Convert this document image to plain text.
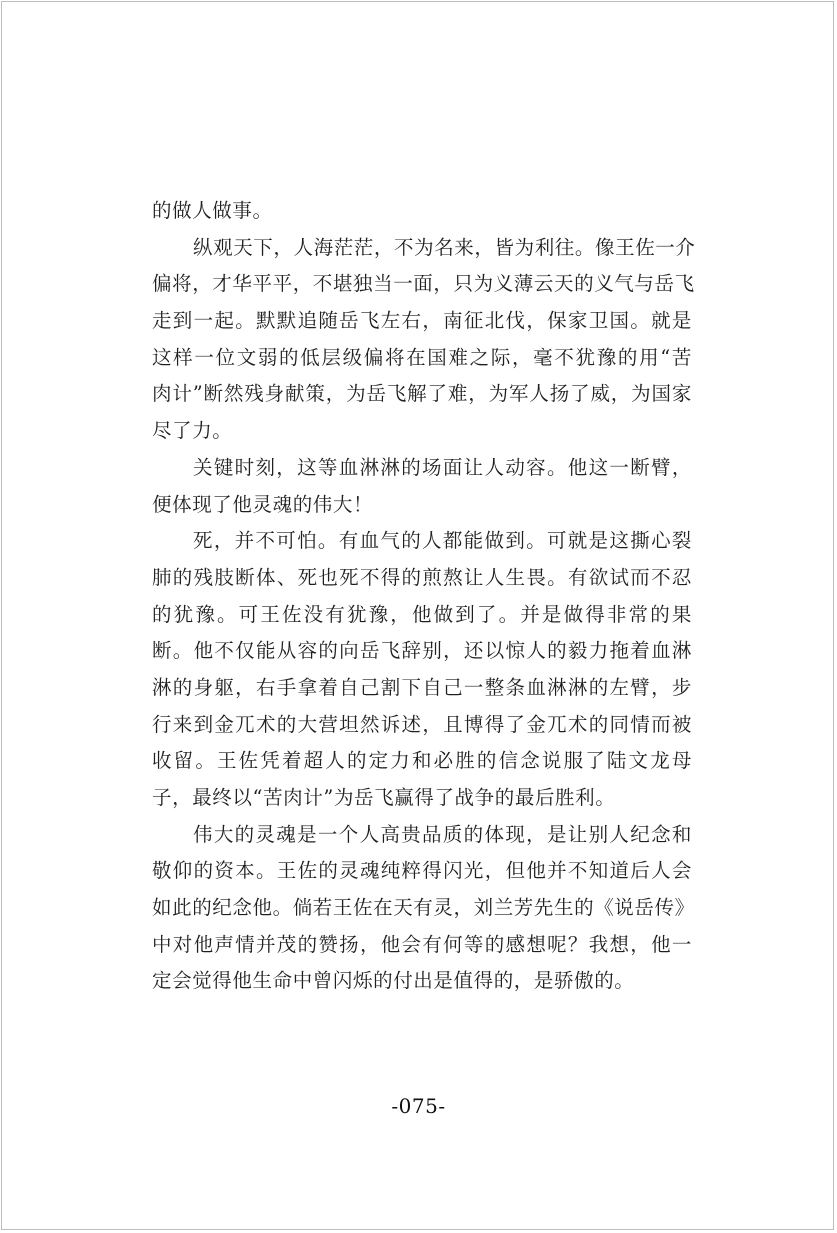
的做人做事。
纵观天下，人海茫茫，不为名来，皆为利往。像王佐一介
偏将，才华平平，不堪独当一面，只为义薄云天的义气与岳飞
走到一起。默默追随岳飞左右，南征北伐，保家卫国。就是
这样一位文弱的低层级偏将在国难之际，毫不犹豫的用“苦
肉计”断然残身献策，为岳飞解了难，为军人扬了威，为国家
尽了力。
关键时刻，这等血淋淋的场面让人动容。他这一断臂，
便体现了他灵魂的伟大！
死，并不可怕。有血气的人都能做到。可就是这撕心裂
肺的残肢断体、死也死不得的煎熬让人生畏。有欲试而不忍
的犹豫。可王佐没有犹豫，他做到了。并是做得非常的果
断。他不仅能从容的向岳飞辞别，还以惊人的毅力拖着血淋
淋的身躯，右手拿着自己割下自己一整条血淋淋的左臂，步
行来到金兀术的大营坦然诉述，且博得了金兀术的同情而被
收留。王佐凭着超人的定力和必胜的信念说服了陆文龙母
子，最终以“苦肉计”为岳飞赢得了战争的最后胜利。
伟大的灵魂是一个人高贵品质的体现，是让别人纪念和
敬仰的资本。王佐的灵魂纯粹得闪光，但他并不知道后人会
如此的纪念他。倘若王佐在天有灵，刘兰芳先生的《说岳传》
中对他声情并茂的赞扬，他会有何等的感想呢？我想，他一
定会觉得他生命中曾闪烁的付出是值得的，是骄傲的。
-075-
